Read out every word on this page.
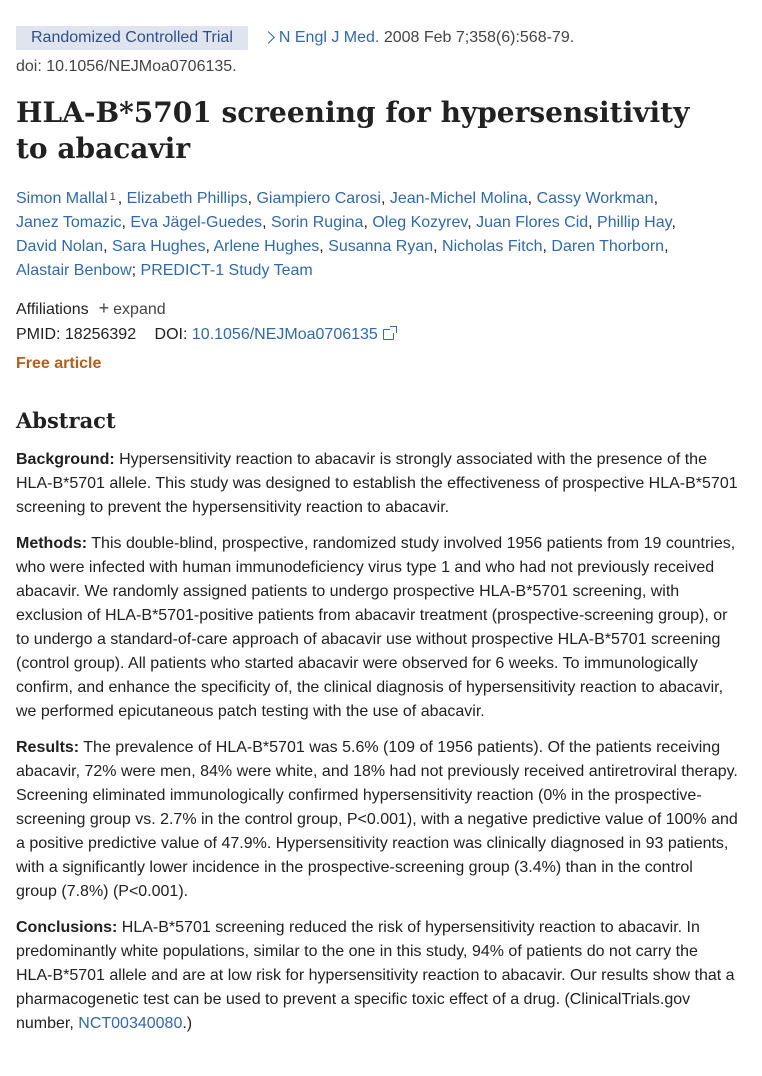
Randomized Controlled Trial	N Engl J Med. 2008 Feb 7;358(6):568-79.
doi: 10.1056/NEJMoa0706135.
HLA-B*5701 screening for hypersensitivity to abacavir
Simon Mallal $^1$ , Elizabeth Phillips, Giampiero Carosi, Jean-Michel Molina, Cassy Workman,
Janez Tomazic, Eva Jägel-Guedes, Sorin Rugina, Oleg Kozyrev, Juan Flores Cid, Phillip Hay,
David Nolan, Sara Hughes, Arlene Hughes, Susanna Ryan, Nicholas Fitch, Daren Thorborn,
Alastair Benbow; PREDICT-1 Study Team
Affiliations + expand
PMID: 18256392 DOI: 10.1056/NEJMoa0706135
Free article
Abstract

Background: Hypersensitivity reaction to abacavir is strongly associated with the presence of the HLA-B*5701 allele. This study was designed to establish the effectiveness of prospective HLA-B*5701 screening to prevent the hypersensitivity reaction to abacavir.

Methods: This double-blind, prospective, randomized study involved 1956 patients from 19 countries, who were infected with human immunodeficiency virus type 1 and who had not previously received abacavir. We randomly assigned patients to undergo prospective HLA-B*5701 screening, with exclusion of HLA-B*5701-positive patients from abacavir treatment (prospective-screening group), or to undergo a standard-of-care approach of abacavir use without prospective HLA-B*5701 screening (control group). All patients who started abacavir were observed for 6 weeks. To immunologically confirm, and enhance the specificity of, the clinical diagnosis of hypersensitivity reaction to abacavir, we performed epicutaneous patch testing with the use of abacavir.

Results: The prevalence of HLA-B*5701 was 5.6% (109 of 1956 patients). Of the patients receiving abacavir, 72% were men, 84% were white, and 18% had not previously received antiretroviral therapy. Screening eliminated immunologically confirmed hypersensitivity reaction (0% in the prospective-screening group vs. 2.7% in the control group, P<0.001), with a negative predictive value of 100% and a positive predictive value of 47.9%. Hypersensitivity reaction was clinically diagnosed in 93 patients, with a significantly lower incidence in the prospective-screening group (3.4%) than in the control group (7.8%) (P<0.001).

Conclusions: HLA-B*5701 screening reduced the risk of hypersensitivity reaction to abacavir. In predominantly white populations, similar to the one in this study, 94% of patients do not carry the HLA-B*5701 allele and are at low risk for hypersensitivity reaction to abacavir. Our results show that a pharmacogenetic test can be used to prevent a specific toxic effect of a drug. (ClinicalTrials.gov number, NCT00340080.)
